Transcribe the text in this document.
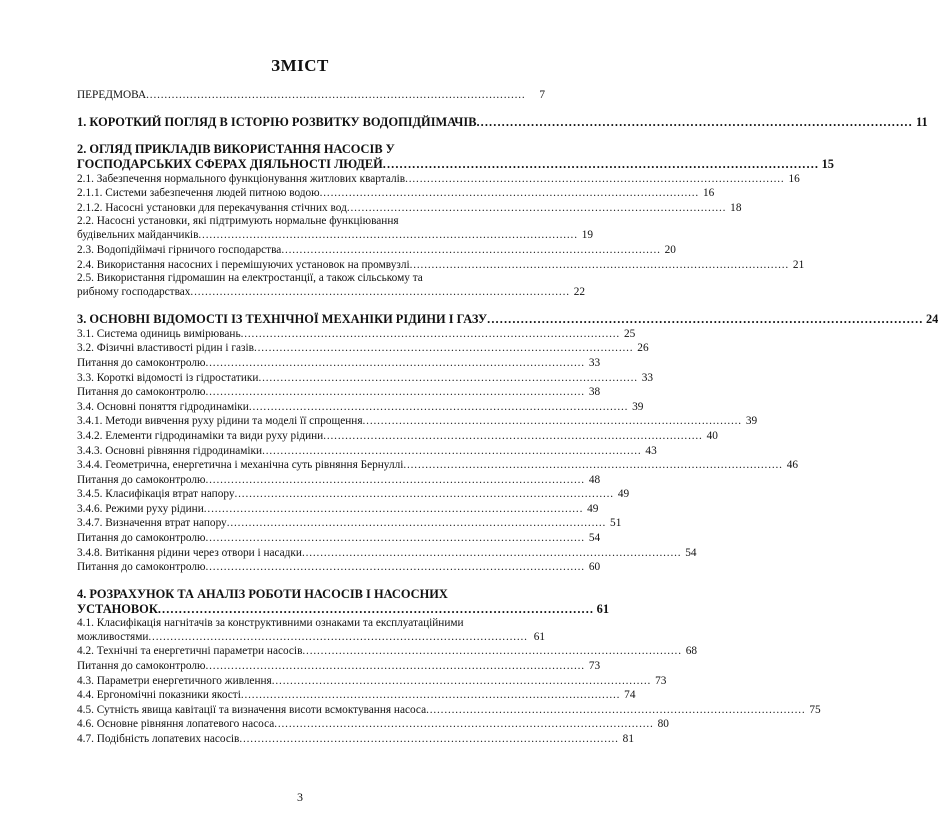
ЗМІСТ
ПЕРЕДМОВА . . .	7
1. КОРОТКИЙ ПОГЛЯД В ІСТОРІЮ РОЗВИТКУ ВОДОПІДЙІМАЧІВ . . .	11
2. ОГЛЯД ПРИКЛАДІВ ВИКОРИСТАННЯ НАСОСІВ У
ГОСПОДАРСЬКИХ СФЕРАХ ДІЯЛЬНОСТІ ЛЮДЕЙ . . .	15
2.1. Забезпечення нормального функціонування житлових кварталів . . .	16
2.1.1. Системи забезпечення людей питною водою . . .	16
2.1.2. Насосні установки для перекачування стічних вод . . .	18
2.2. Насосні установки, які підтримують нормальне функціювання
будівельних майданчиків . . .	19
2.3. Водопідйімачі гірничого господарства . . .	20
2.4. Використання насосних і перемішуючих установок на промвузлі . . .	21
2.5. Використання гідромашин на електростанції, а також сільському та
рибному господарствах . . .	22
3. ОСНОВНІ ВІДОМОСТІ ІЗ ТЕХНІЧНОЇ МЕХАНІКИ РІДИНИ І ГАЗУ . . .	24
3.1. Система одиниць вимірювань . . .	25
3.2. Фізичні властивості рідин і газів . . .	26
Питання до самоконтролю . . .	33
3.3. Короткі відомості із гідростатики . . .	33
Питання до самоконтролю . . .	38
3.4. Основні поняття гідродинаміки . . .	39
3.4.1. Методи вивчення руху рідини та моделі її спрощення . . .	39
3.4.2. Елементи гідродинаміки та види руху рідини . . .	40
3.4.3. Основні рівняння гідродинаміки . . .	43
3.4.4. Геометрична, енергетична і механічна суть рівняння Бернуллі . . .	46
Питання до самоконтролю . . .	48
3.4.5. Класифікація втрат напору . . .	49
3.4.6. Режими руху рідини . . .	49
3.4.7. Визначення втрат напору . . .	51
Питання до самоконтролю . . .	54
3.4.8. Витікання рідини через отвори і насадки . . .	54
Питання до самоконтролю . . .	60
4. РОЗРАХУНОК ТА АНАЛІЗ РОБОТИ НАСОСІВ І НАСОСНИХ
УСТАНОВОК . . .	61
4.1. Класифікація нагнітачів за конструктивними ознаками та експлуатаційними
можливостями . . .	61
4.2. Технічні та енергетичні параметри насосів . . .	68
Питання до самоконтролю . . .	73
4.3. Параметри енергетичного живлення . . .	73
4.4. Ергономічні показники якості . . .	74
4.5. Сутність явища кавітації та визначення висоти всмоктування насоса . . .	75
4.6. Основне рівняння лопатевого насоса . . .	80
4.7. Подібність лопатевих насосів . . .	81
3
